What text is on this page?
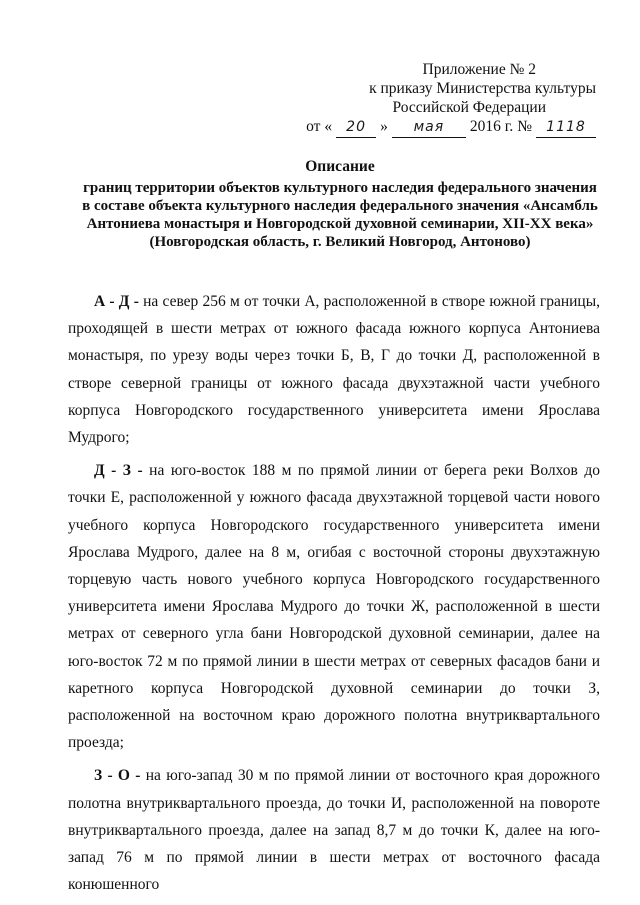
Приложение № 2
к приказу Министерства культуры
Российской Федерации
от «	20 »	мая	2016 г. №	1118
Описание
границ территории объектов культурного наследия федерального значения
в составе объекта культурного наследия федерального значения «Ансамбль
Антониева монастыря и Новгородской духовной семинарии, XII-XX века»
(Новгородская область, г. Великий Новгород, Антоново)

А - Д - на север 256 м от точки А, расположенной в створе южной границы, проходящей в шести метрах от южного фасада южного корпуса Антониева монастыря, по урезу воды через точки Б, В, Г до точки Д, расположенной в створе северной границы от южного фасада двухэтажной части учебного корпуса Новгородского государственного университета имени Ярослава Мудрого;

Д - З - на юго-восток 188 м по прямой линии от берега реки Волхов до точки Е, расположенной у южного фасада двухэтажной торцевой части нового учебного корпуса Новгородского государственного университета имени Ярослава Мудрого, далее на 8 м, огибая с восточной стороны двухэтажную торцевую часть нового учебного корпуса Новгородского государственного университета имени Ярослава Мудрого до точки Ж, расположенной в шести метрах от северного угла бани Новгородской духовной семинарии, далее на юго-восток 72 м по прямой линии в шести метрах от северных фасадов бани и каретного корпуса Новгородской духовной семинарии до точки З, расположенной на восточном краю дорожного полотна внутриквартального проезда;

З - О - на юго-запад 30 м по прямой линии от восточного края дорожного полотна внутриквартального проезда, до точки И, расположенной на повороте внутриквартального проезда, далее на запад 8,7 м до точки К, далее на юго-запад 76 м по прямой линии в шести метрах от восточного фасада конюшенного
